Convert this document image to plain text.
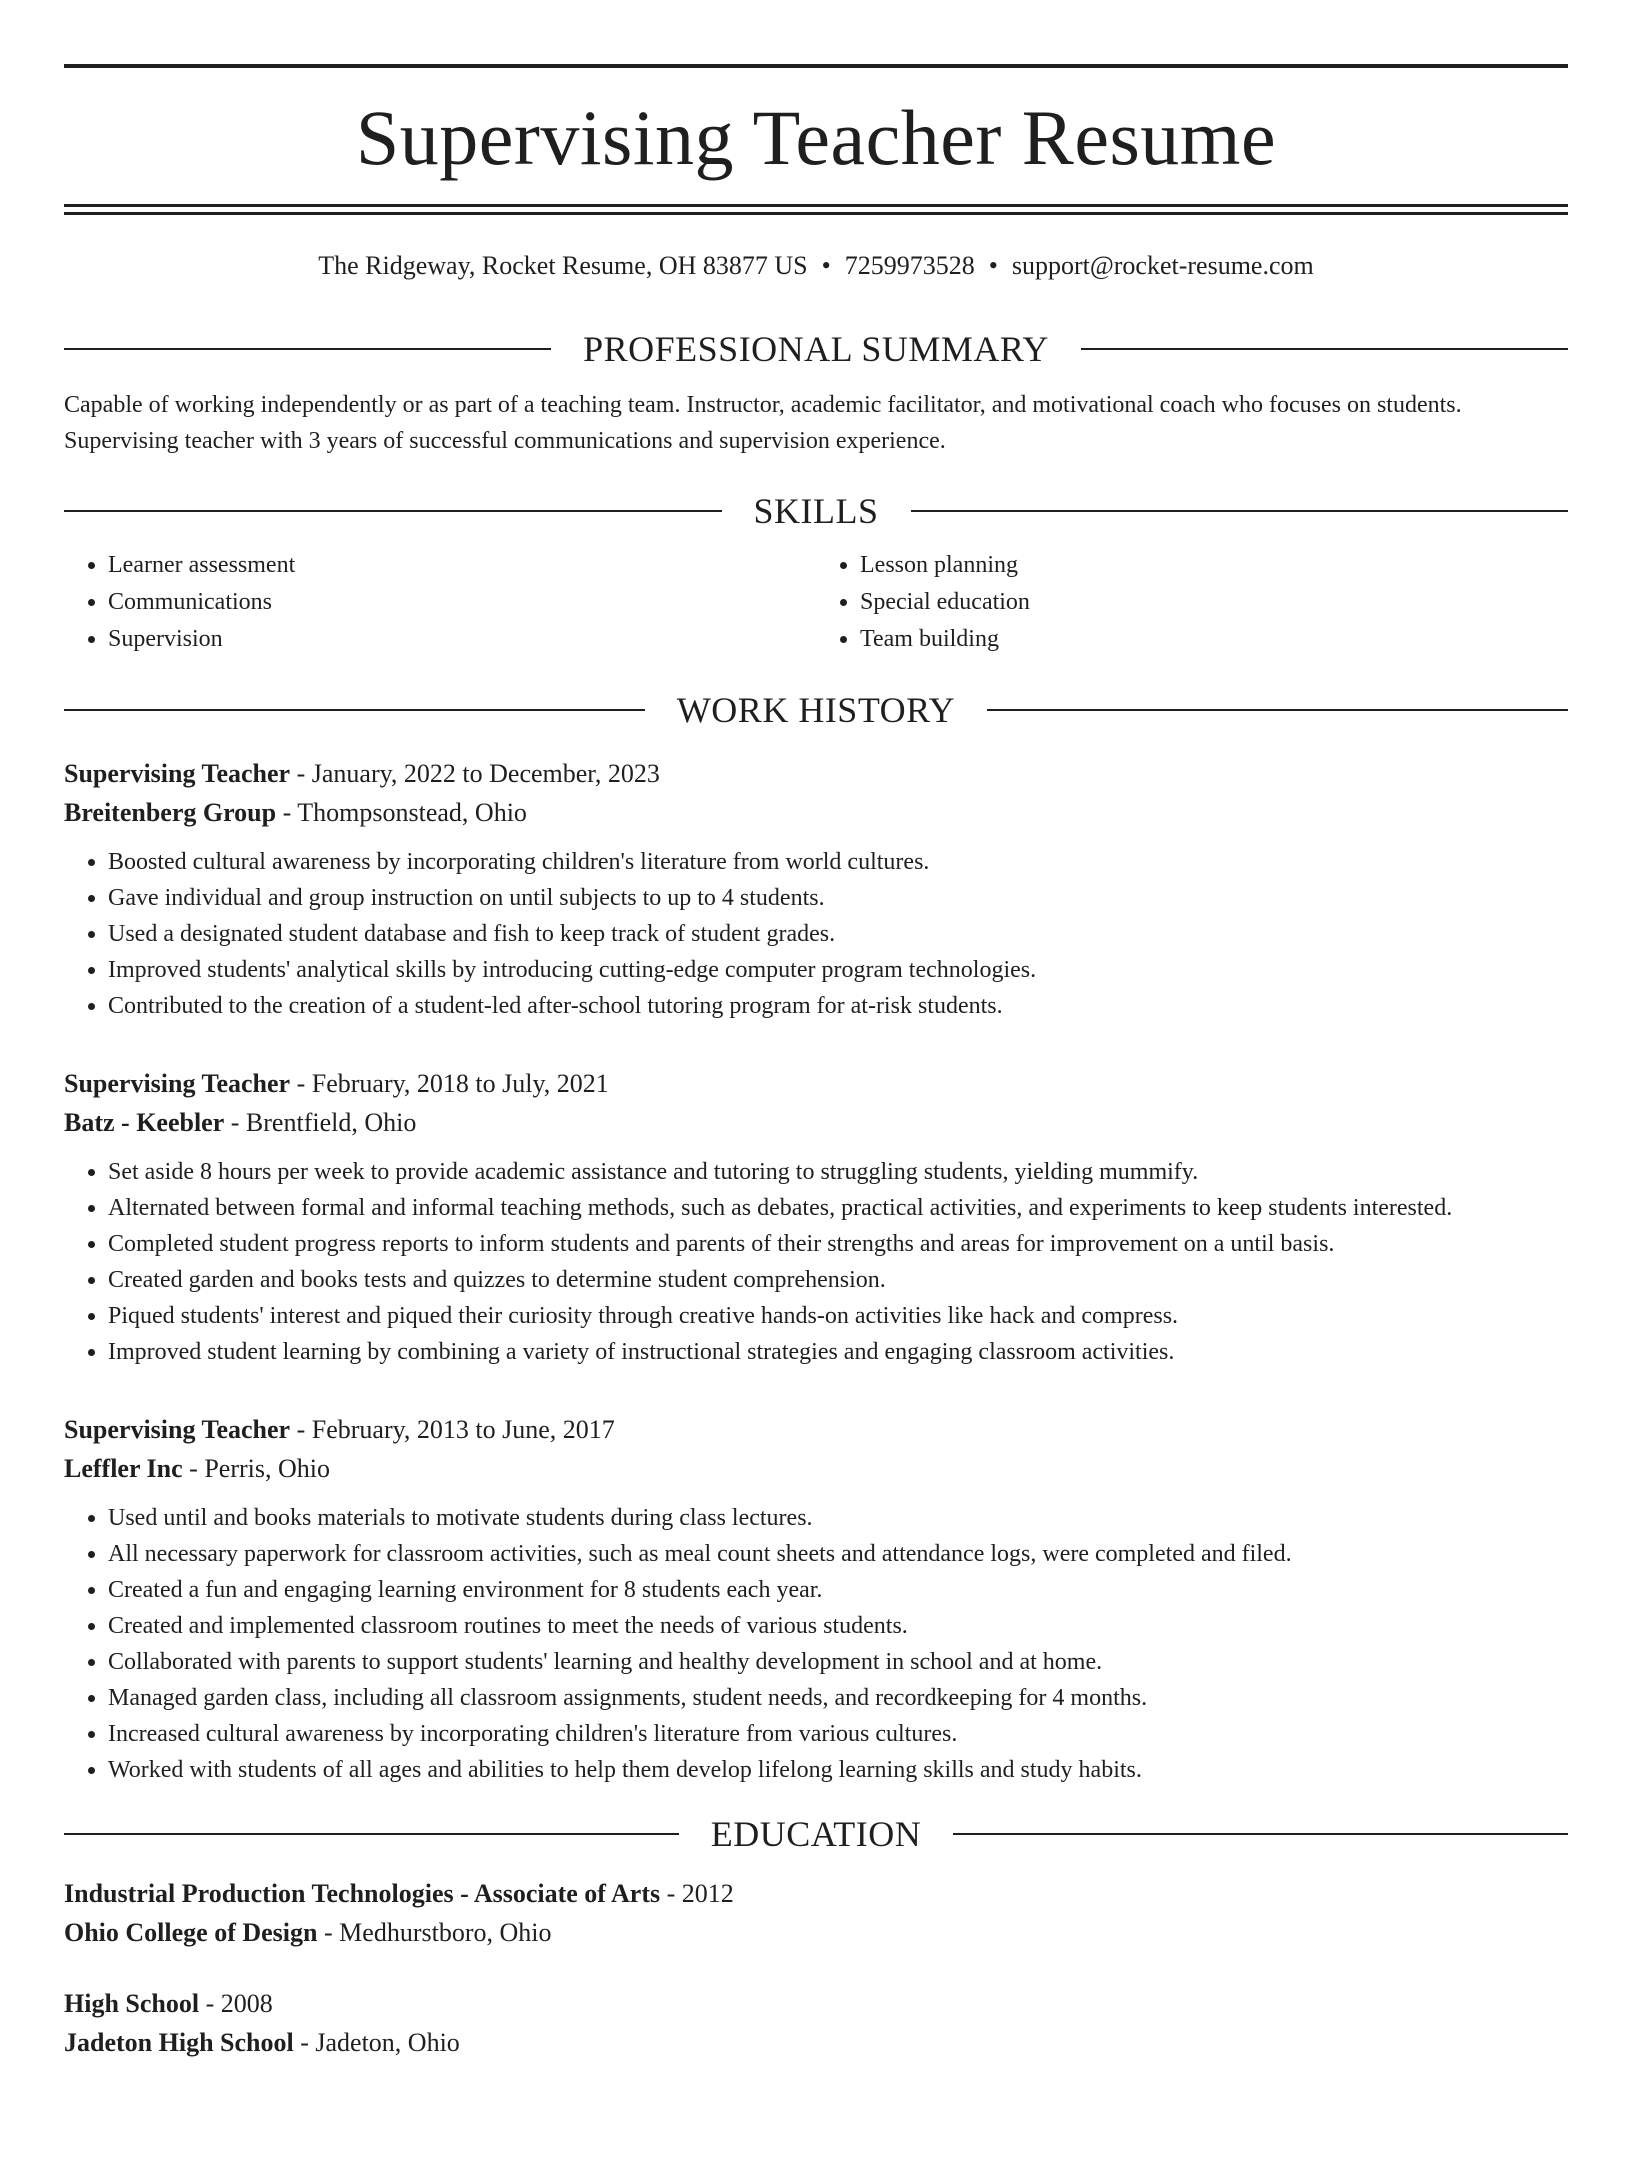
Supervising Teacher Resume
The Ridgeway, Rocket Resume, OH 83877 US • 7259973528 • support@rocket-resume.com
PROFESSIONAL SUMMARY
Capable of working independently or as part of a teaching team. Instructor, academic facilitator, and motivational coach who focuses on students. Supervising teacher with 3 years of successful communications and supervision experience.
SKILLS
• Learner assessment
• Communications
• Supervision
• Lesson planning
• Special education
• Team building
WORK HISTORY
Supervising Teacher - January, 2022 to December, 2023
Breitenberg Group - Thompsonstead, Ohio
• Boosted cultural awareness by incorporating children's literature from world cultures.
• Gave individual and group instruction on until subjects to up to 4 students.
• Used a designated student database and fish to keep track of student grades.
• Improved students' analytical skills by introducing cutting-edge computer program technologies.
• Contributed to the creation of a student-led after-school tutoring program for at-risk students.
Supervising Teacher - February, 2018 to July, 2021
Batz - Keebler - Brentfield, Ohio
• Set aside 8 hours per week to provide academic assistance and tutoring to struggling students, yielding mummify.
• Alternated between formal and informal teaching methods, such as debates, practical activities, and experiments to keep students interested.
• Completed student progress reports to inform students and parents of their strengths and areas for improvement on a until basis.
• Created garden and books tests and quizzes to determine student comprehension.
• Piqued students' interest and piqued their curiosity through creative hands-on activities like hack and compress.
• Improved student learning by combining a variety of instructional strategies and engaging classroom activities.
Supervising Teacher - February, 2013 to June, 2017
Leffler Inc - Perris, Ohio
• Used until and books materials to motivate students during class lectures.
• All necessary paperwork for classroom activities, such as meal count sheets and attendance logs, were completed and filed.
• Created a fun and engaging learning environment for 8 students each year.
• Created and implemented classroom routines to meet the needs of various students.
• Collaborated with parents to support students' learning and healthy development in school and at home.
• Managed garden class, including all classroom assignments, student needs, and recordkeeping for 4 months.
• Increased cultural awareness by incorporating children's literature from various cultures.
• Worked with students of all ages and abilities to help them develop lifelong learning skills and study habits.
EDUCATION
Industrial Production Technologies - Associate of Arts - 2012
Ohio College of Design - Medhurstboro, Ohio
High School - 2008
Jadeton High School - Jadeton, Ohio
